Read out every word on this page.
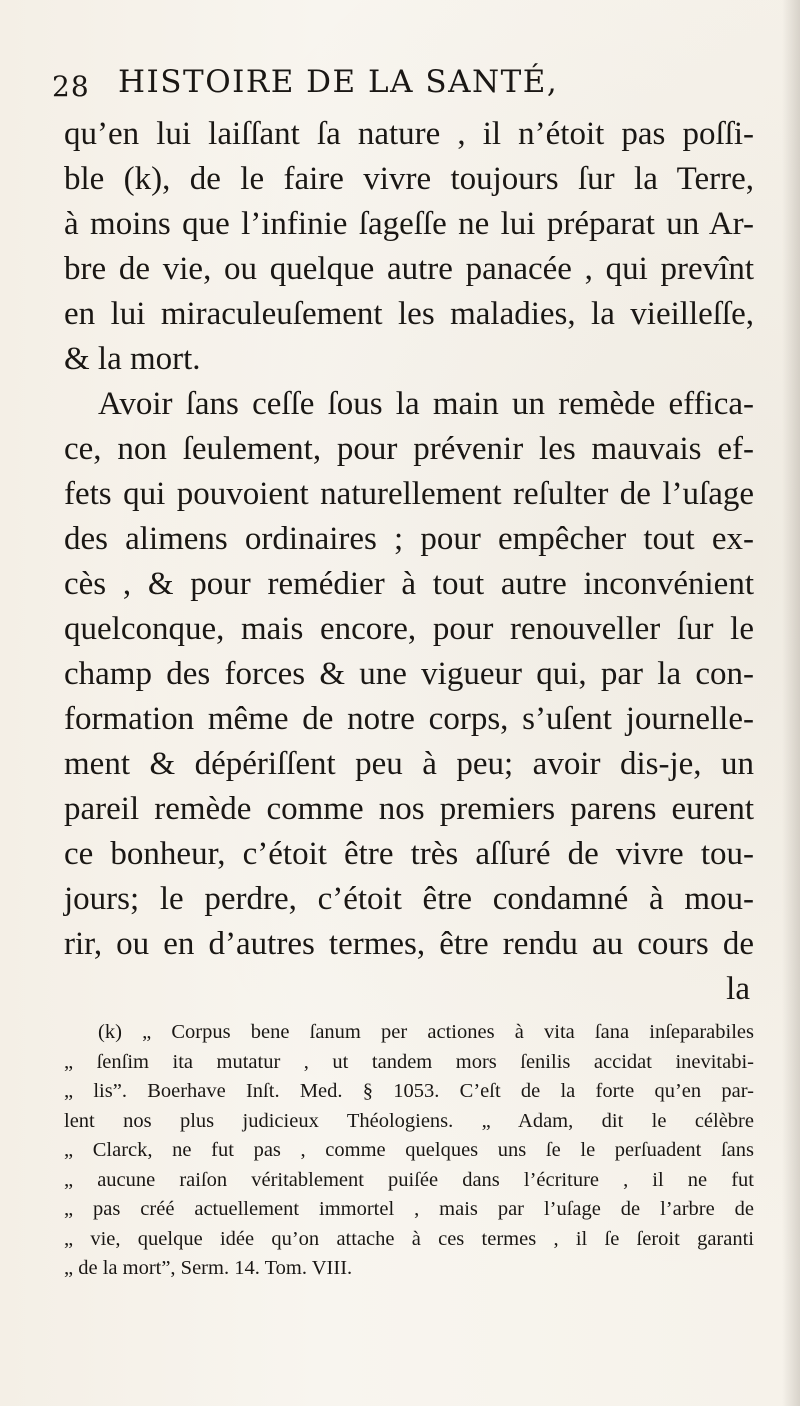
28 HISTOIRE DE LA SANTÉ,
qu’en lui laiſſant ſa nature , il n’étoit pas poſſi-
ble (k), de le faire vivre toujours ſur la Terre,
à moins que l’infinie ſageſſe ne lui préparat un Ar-
bre de vie, ou quelque autre panacée , qui prevînt
en lui miraculeuſement les maladies, la vieilleſſe,
& la mort.
Avoir ſans ceſſe ſous la main un remède effica-
ce, non ſeulement, pour prévenir les mauvais ef-
fets qui pouvoient naturellement reſulter de l’uſage
des alimens ordinaires ; pour empêcher tout ex-
cès , & pour remédier à tout autre inconvénient
quelconque, mais encore, pour renouveller ſur le
champ des forces & une vigueur qui, par la con-
formation même de notre corps, s’uſent journelle-
ment & dépériſſent peu à peu; avoir dis-je, un
pareil remède comme nos premiers parens eurent
ce bonheur, c’étoit être très aſſuré de vivre tou-
jours; le perdre, c’étoit être condamné à mou-
rir, ou en d’autres termes, être rendu au cours de
la
(k) „ Corpus bene ſanum per actiones à vita ſana inſeparabiles
„ ſenſim ita mutatur , ut tandem mors ſenilis accidat inevitabi-
„ lis”. Boerhave Inſt. Med. § 1053. C’eſt de la forte qu’en par-
lent nos plus judicieux Théologiens. „ Adam, dit le célèbre
„ Clarck, ne fut pas , comme quelques uns ſe le perſuadent ſans
„ aucune raiſon véritablement puiſée dans l’écriture , il ne fut
„ pas créé actuellement immortel , mais par l’uſage de l’arbre de
„ vie, quelque idée qu’on attache à ces termes , il ſe ſeroit garanti
„ de la mort”, Serm. 14. Tom. VIII.
